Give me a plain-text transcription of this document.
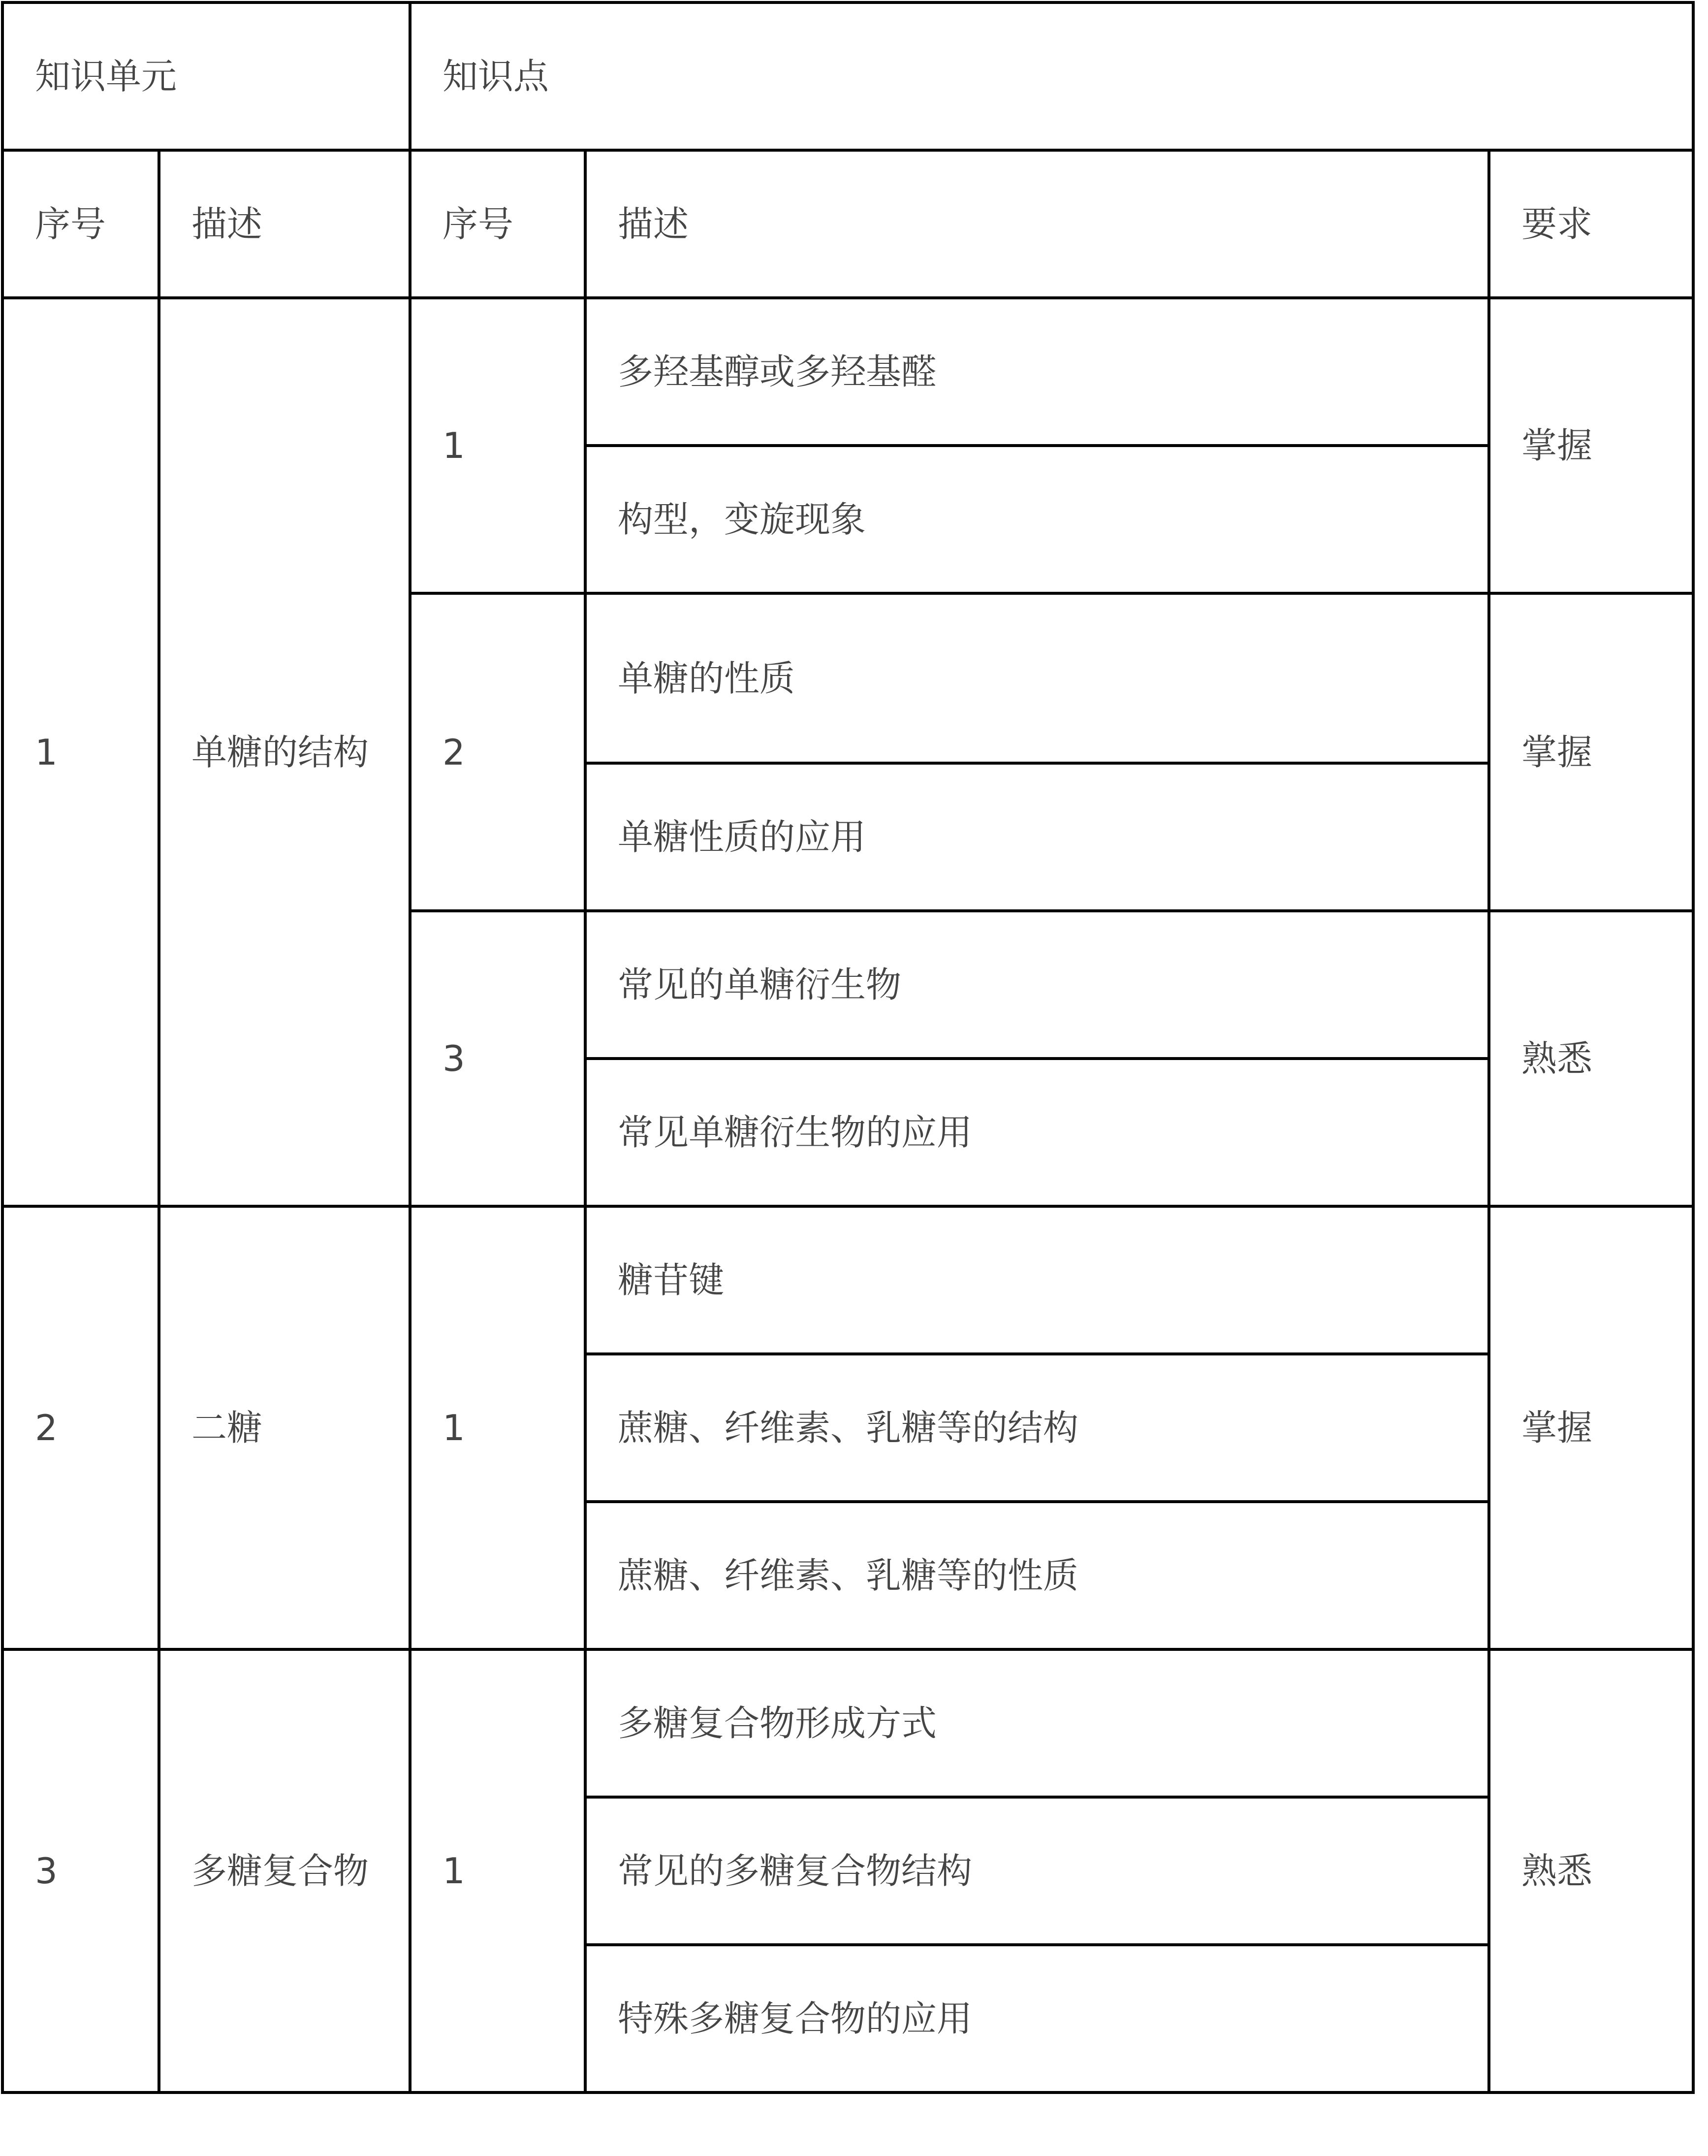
知识单元		知识点		
序号	描述	序号	描述	要求
1	单糖的结构	1	多羟基醇或多羟基醛	掌握
			构型，变旋现象	
		2	单糖的性质	掌握
			单糖性质的应用	
		3	常见的单糖衍生物	熟悉
			常见单糖衍生物的应用	
2	二糖	1	糖苷键	掌握
			蔗糖、纤维素、乳糖等的结构	
			蔗糖、纤维素、乳糖等的性质	
3	多糖复合物	1	多糖复合物形成方式	熟悉
			常见的多糖复合物结构	
			特殊多糖复合物的应用	
